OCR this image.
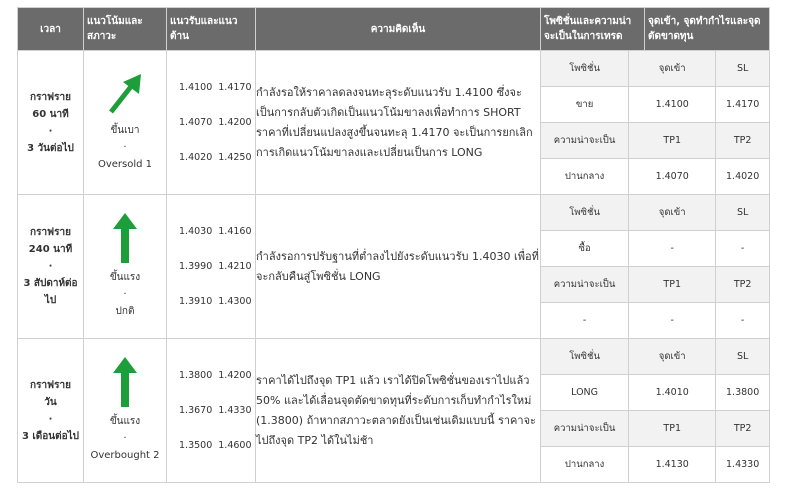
เวลา	แนวโน้มและสภาวะ	แนวรับและแนวต้าน	ความคิดเห็น	โพซิชั่นและความน่าจะเป็นในการเทรด	จุดเข้า, จุดทำกำไรและจุดตัดขาดทุน

กราฟราย
60 นาที
·
3 วันต่อไป

ขึ้นเบา
·
Oversold 1

1.4100	1.4170
1.4070	1.4200
1.4020	1.4250
	กำลังรอให้ราคาลดลงจนทะลุระดับแนวรับ 1.4100 ซึ่งจะเป็นการกลับตัวเกิดเป็นแนวโน้มขาลงเพื่อทำการ SHORT ราคาที่เปลี่ยนแปลงสูงขึ้นจนทะลุ 1.4170 จะเป็นการยกเลิกการเกิดแนวโน้มขาลงและเปลี่ยนเป็นการ LONG	
โพซิชั่น	จุดเข้า	SL
ขาย	1.4100	1.4170
ความน่าจะเป็น	TP1	TP2
ปานกลาง	1.4070	1.4020

กราฟราย
240 นาที
·
3 สัปดาห์ต่อไป

ขึ้นแรง
·
ปกติ

1.4030	1.4160
1.3990	1.4210
1.3910	1.4300
	กำลังรอการปรับฐานที่ต่ำลงไปยังระดับแนวรับ 1.4030 เพื่อที่จะกลับคืนสู่โพซิชั่น LONG	
โพซิชั่น	จุดเข้า	SL
ซื้อ	-	-
ความน่าจะเป็น	TP1	TP2
-	-	-

กราฟราย
วัน
·
3 เดือนต่อไป

ขึ้นแรง
·
Overbought 2

1.3800	1.4200
1.3670	1.4330
1.3500	1.4600
	ราคาได้ไปถึงจุด TP1 แล้ว เราได้ปิดโพซิชั่นของเราไปแล้ว 50% และได้เลื่อนจุดตัดขาดทุนที่ระดับการเก็บทำกำไรใหม่ (1.3800) ถ้าหากสภาวะตลาดยังเป็นเช่นเดิมแบบนี้ ราคาจะไปถึงจุด TP2 ได้ในไม่ช้า	
โพซิชั่น	จุดเข้า	SL
LONG	1.4010	1.3800
ความน่าจะเป็น	TP1	TP2
ปานกลาง	1.4130	1.4330
